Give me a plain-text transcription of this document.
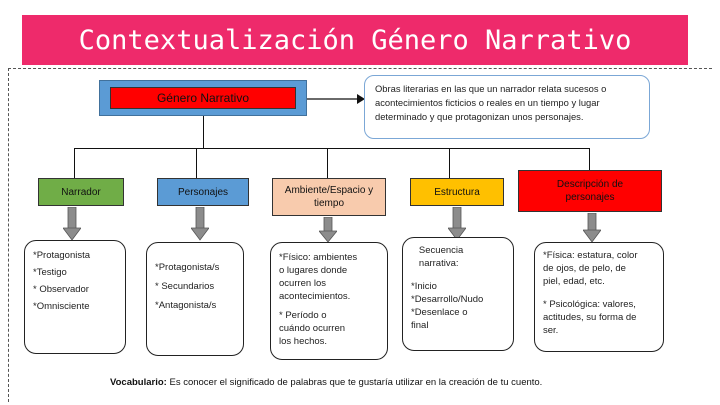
Contextualización Género Narrativo
Género Narrativo
Obras literarias en las que un narrador relata sucesos o
acontecimientos ficticios o reales en un tiempo y lugar
determinado y que protagonizan unos personajes.
Narrador	Personajes	Ambiente/Espacio y tiempo
Estructura
Descripción de personajes
*Protagonista
*Testigo
* Observador
*Omnisciente
*Protagonista/s
* Secundarios
*Antagonista/s
*Físico: ambientes
o lugares donde
ocurren los
acontecimientos.
* Período o
cuándo ocurren
los hechos.
Secuencia
narrativa:
*Inicio
*Desarrollo/Nudo
*Desenlace o
final
*Física: estatura, color
de ojos, de pelo, de
piel, edad, etc.
* Psicológica: valores,
actitudes, su forma de
ser.
Vocabulario: Es conocer el significado de palabras que te gustaría utilizar en la creación de tu cuento.
